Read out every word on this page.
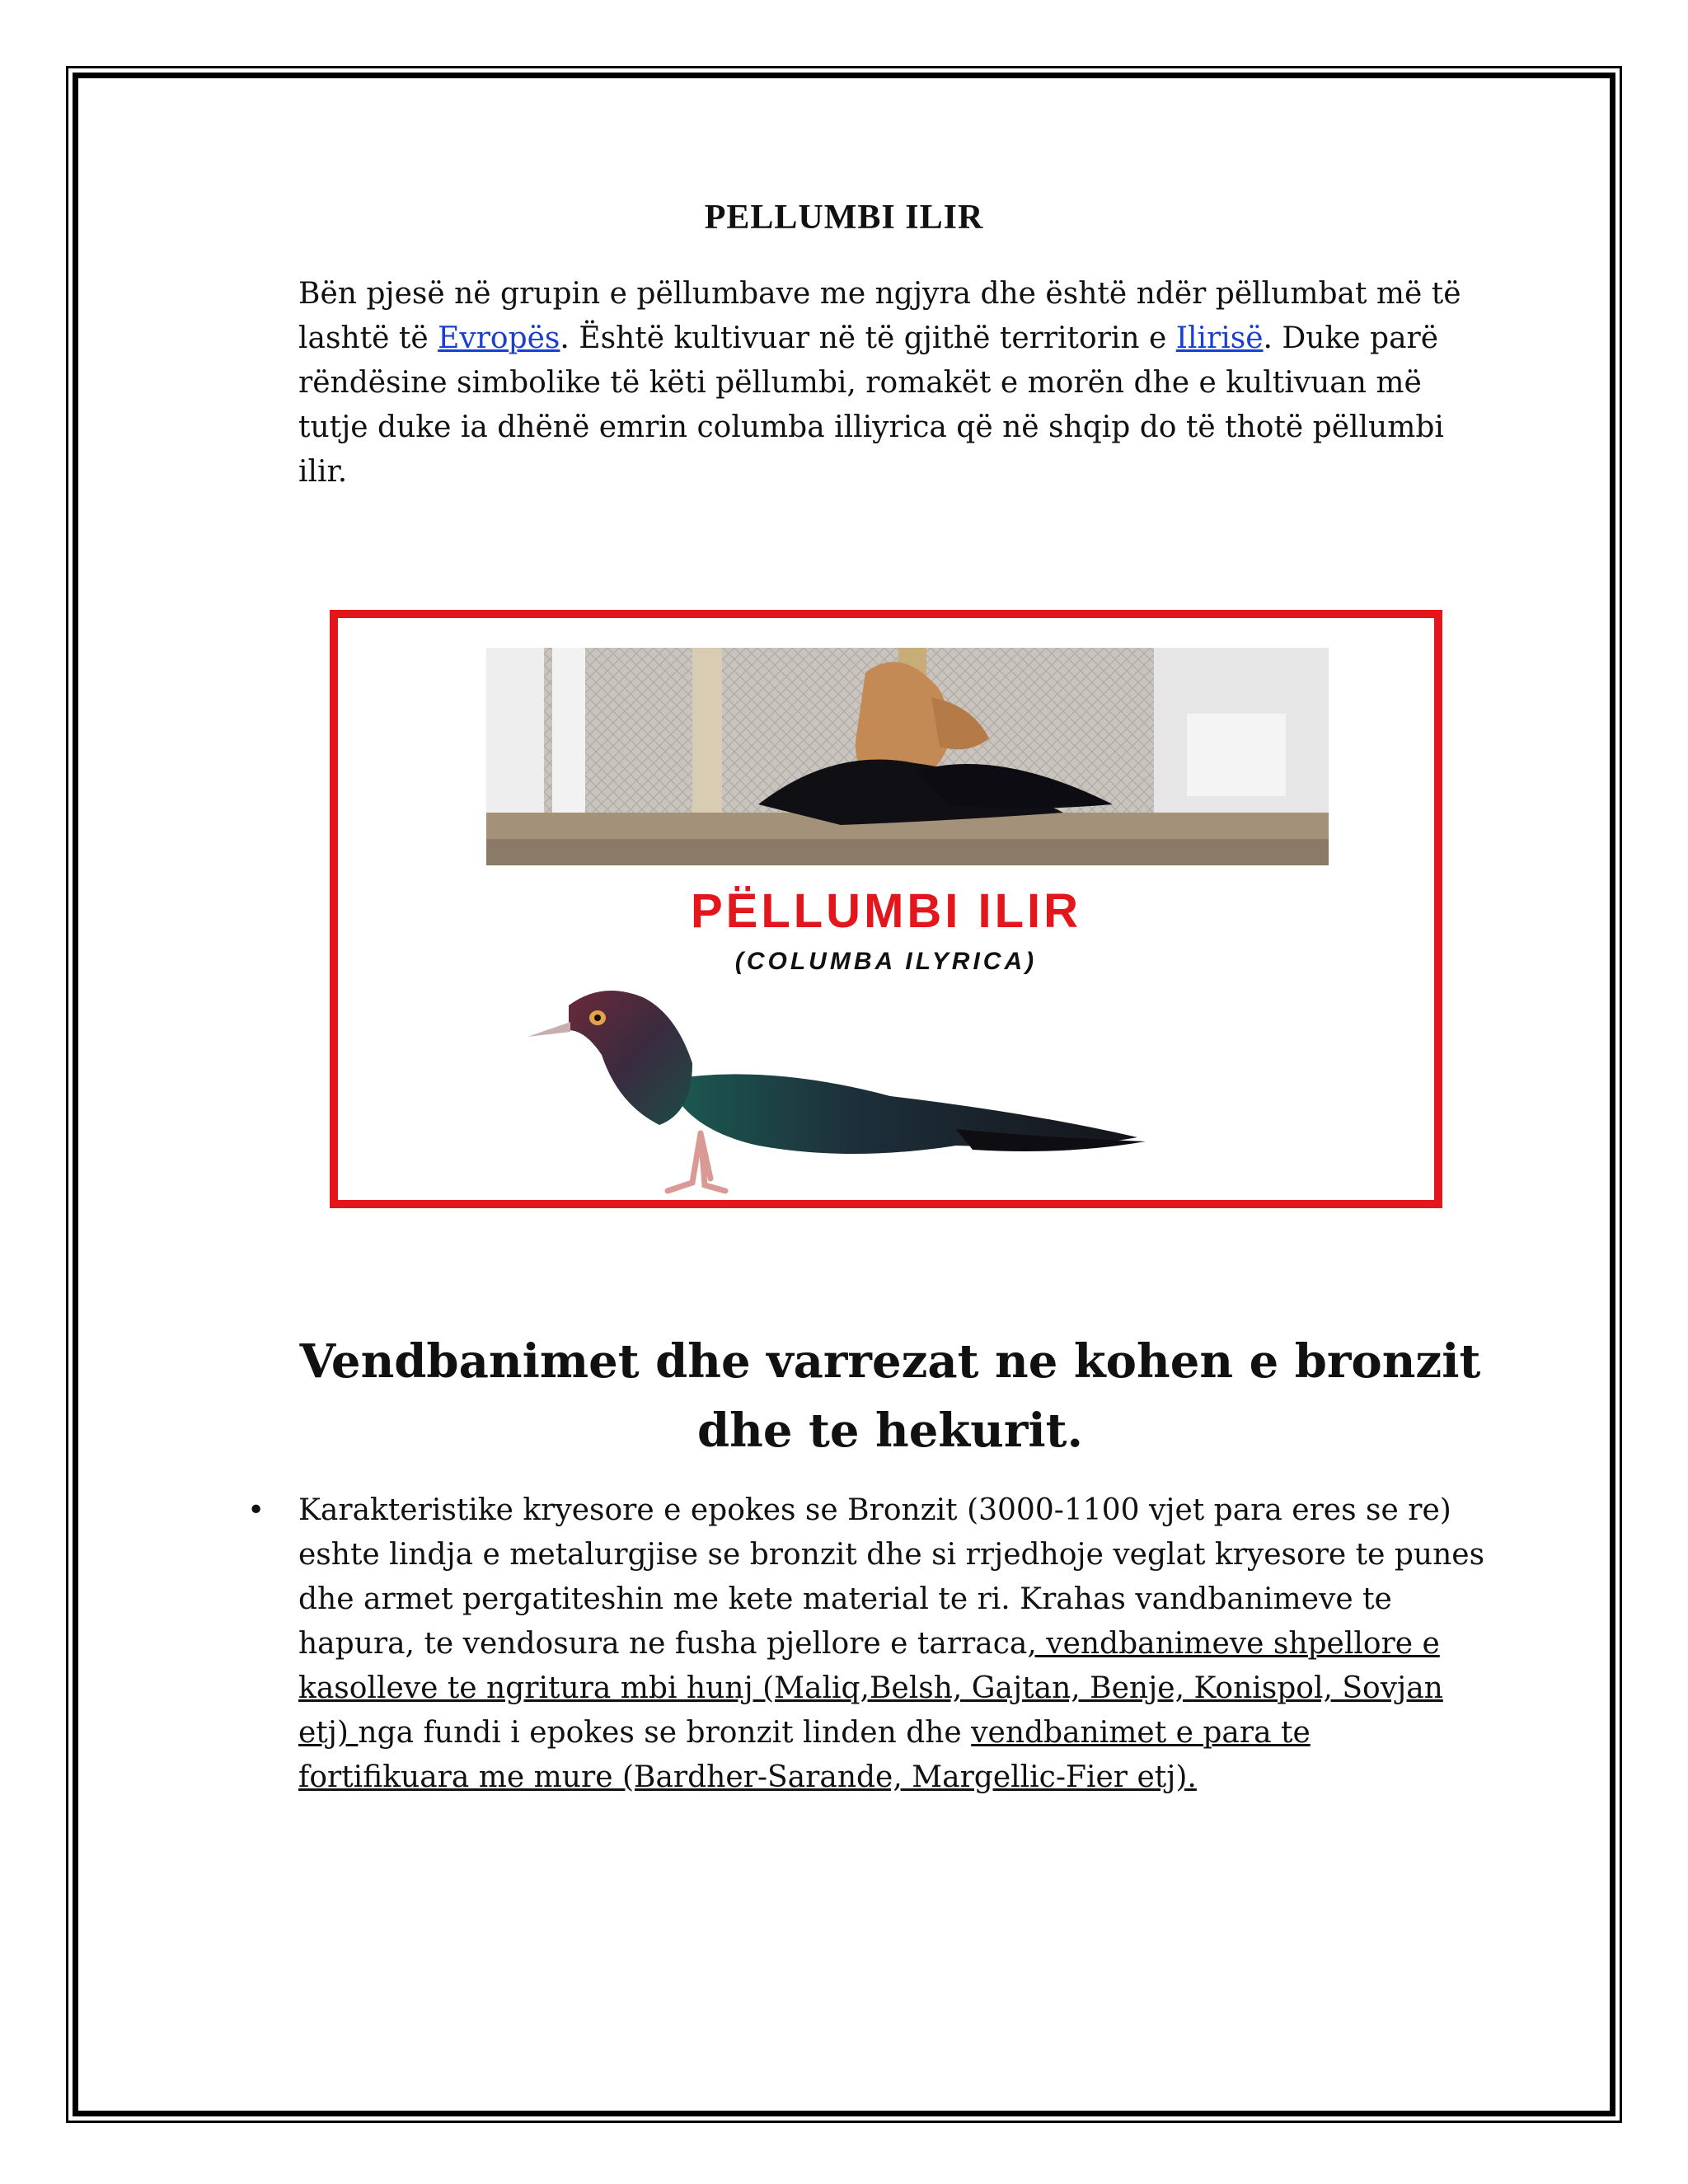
PELLUMBI ILIR
Bën pjesë në grupin e pëllumbave me ngjyra dhe është ndër pëllumbat më të lashtë të Evropës. Është kultivuar në të gjithë territorin e Ilirisë. Duke parë rëndësine simbolike të këti pëllumbi, romakët e morën dhe e kultivuan më tutje duke ia dhënë emrin columba illiyrica që në shqip do të thotë pëllumbi ilir.
PËLLUMBI ILIR
(COLUMBA ILYRICA)
Vendbanimet dhe varrezat ne kohen e bronzit dhe te hekurit.
• Karakteristike kryesore e epokes se Bronzit (3000-1100 vjet para eres se re) eshte lindja e metalurgjise se bronzit dhe si rrjedhoje veglat kryesore te punes dhe armet pergatiteshin me kete material te ri. Krahas vandbanimeve te hapura, te vendosura ne fusha pjellore e tarraca, vendbanimeve shpellore e kasolleve te ngritura mbi hunj (Maliq,Belsh, Gajtan, Benje, Konispol, Sovjan etj) nga fundi i epokes se bronzit linden dhe vendbanimet e para te fortifikuara me mure (Bardher-Sarande, Margellic-Fier etj).
